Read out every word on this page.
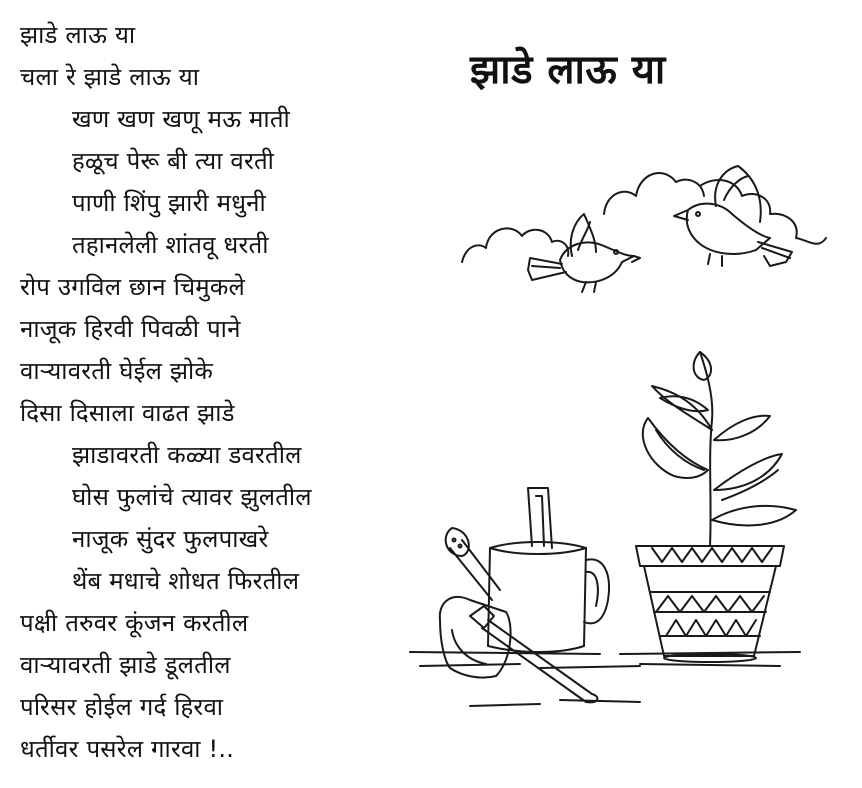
झाडे लाऊ या
चला रे झाडे लाऊ या
खण खण खणू मऊ माती
हळूच पेरू बी त्या वरती
पाणी शिंपु झारी मधुनी
तहानलेली शांतवू धरती
रोप उगविल छान चिमुकले
नाजूक हिरवी पिवळी पाने
वाऱ्यावरती घेईल झोके
दिसा दिसाला वाढत झाडे
झाडावरती कळ्या डवरतील
घोस फुलांचे त्यावर झुलतील
नाजूक सुंदर फुलपाखरे
थेंब मधाचे शोधत फिरतील
पक्षी तरुवर कूंजन करतील
वाऱ्यावरती झाडे डूलतील
परिसर होईल गर्द हिरवा
धर्तीवर पसरेल गारवा !..
झाडे लाऊ या
